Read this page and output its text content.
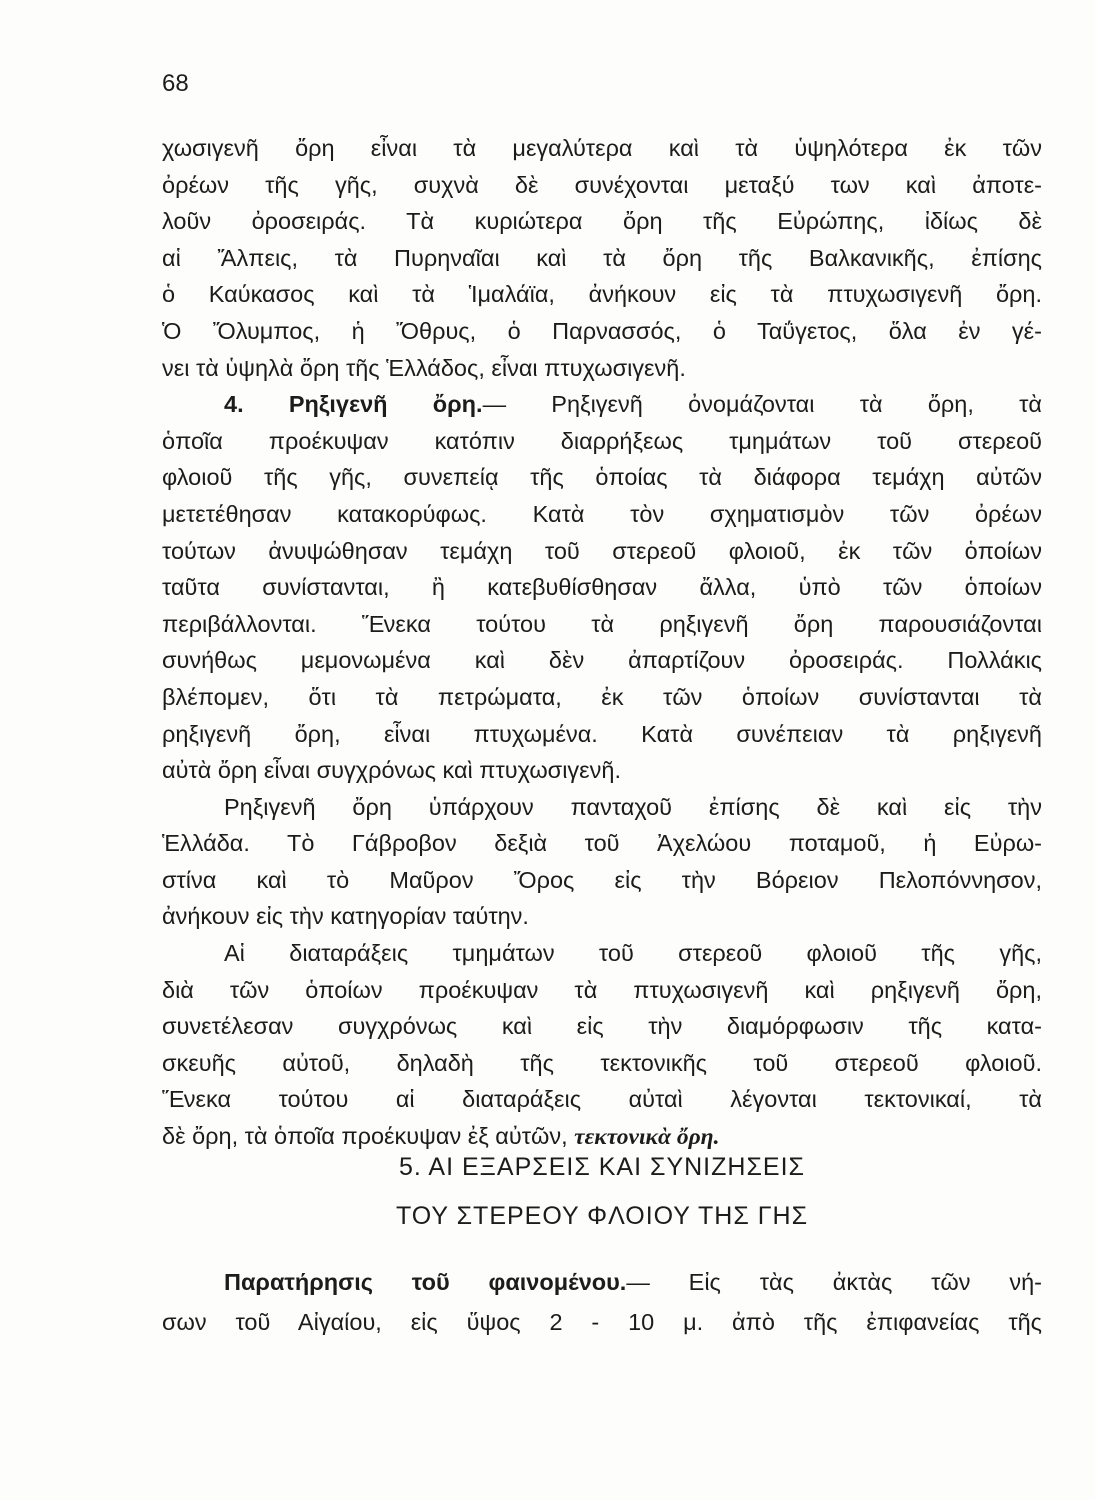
68
χωσιγενῆ ὄρη εἶναι τὰ μεγαλύτερα καὶ τὰ ὑψηλότερα ἐκ τῶν
ὀρέων τῆς γῆς, συχνὰ δὲ συνέχονται μεταξύ των καὶ ἀποτε-
λοῦν ὀροσειράς. Τὰ κυριώτερα ὄρη τῆς Εὐρώπης, ἰδίως δὲ
αἱ Ἄλπεις, τὰ Πυρηναῖαι καὶ τὰ ὄρη τῆς Βαλκανικῆς, ἐπίσης
ὁ Καύκασος καὶ τὰ Ἱμαλάϊα, ἀνήκουν εἰς τὰ πτυχωσιγενῆ ὄρη.
Ὁ Ὄλυμπος, ἡ Ὄθρυς, ὁ Παρνασσός, ὁ Ταΰγετος, ὅλα ἐν γέ-
νει τὰ ὑψηλὰ ὄρη τῆς Ἑλλάδος, εἶναι πτυχωσιγενῆ.
4. Ρηξιγενῆ ὄρη.— Ρηξιγενῆ ὀνομάζονται τὰ ὄρη, τὰ
ὁποῖα προέκυψαν κατόπιν διαρρήξεως τμημάτων τοῦ στερεοῦ
φλοιοῦ τῆς γῆς, συνεπείᾳ τῆς ὁποίας τὰ διάφορα τεμάχη αὐτῶν
μετετέθησαν κατακορύφως. Κατὰ τὸν σχηματισμὸν τῶν ὀρέων
τούτων ἀνυψώθησαν τεμάχη τοῦ στερεοῦ φλοιοῦ, ἐκ τῶν ὁποίων
ταῦτα συνίστανται, ἢ κατεβυθίσθησαν ἄλλα, ὑπὸ τῶν ὁποίων
περιβάλλονται. Ἕνεκα τούτου τὰ ρηξιγενῆ ὄρη παρουσιάζονται
συνήθως μεμονωμένα καὶ δὲν ἀπαρτίζουν ὀροσειράς. Πολλάκις
βλέπομεν, ὅτι τὰ πετρώματα, ἐκ τῶν ὁποίων συνίστανται τὰ
ρηξιγενῆ ὄρη, εἶναι πτυχωμένα. Κατὰ συνέπειαν τὰ ρηξιγενῆ
αὐτὰ ὄρη εἶναι συγχρόνως καὶ πτυχωσιγενῆ.
Ρηξιγενῆ ὄρη ὑπάρχουν πανταχοῦ ἐπίσης δὲ καὶ εἰς τὴν
Ἑλλάδα. Τὸ Γάβροβον δεξιὰ τοῦ Ἀχελώου ποταμοῦ, ἡ Εὐρω-
στίνα καὶ τὸ Μαῦρον Ὄρος εἰς τὴν Βόρειον Πελοπόννησον,
ἀνήκουν εἰς τὴν κατηγορίαν ταύτην.
Αἱ διαταράξεις τμημάτων τοῦ στερεοῦ φλοιοῦ τῆς γῆς,
διὰ τῶν ὁποίων προέκυψαν τὰ πτυχωσιγενῆ καὶ ρηξιγενῆ ὄρη,
συνετέλεσαν συγχρόνως καὶ εἰς τὴν διαμόρφωσιν τῆς κατα-
σκευῆς αὐτοῦ, δηλαδὴ τῆς τεκτονικῆς τοῦ στερεοῦ φλοιοῦ.
Ἕνεκα τούτου αἱ διαταράξεις αὐταὶ λέγονται τεκτονικαί, τὰ
δὲ ὄρη, τὰ ὁποῖα προέκυψαν ἐξ αὐτῶν, τεκτονικὰ ὄρη.
5. ΑΙ ΕΞΑΡΣΕΙΣ ΚΑΙ ΣΥΝΙΖΗΣΕΙΣ
ΤΟΥ ΣΤΕΡΕΟΥ ΦΛΟΙΟΥ ΤΗΣ ΓΗΣ
Παρατήρησις τοῦ φαινομένου.— Εἰς τὰς ἀκτὰς τῶν νή-
σων τοῦ Αἰγαίου, εἰς ὕψος 2 - 10 μ. ἀπὸ τῆς ἐπιφανείας τῆς
